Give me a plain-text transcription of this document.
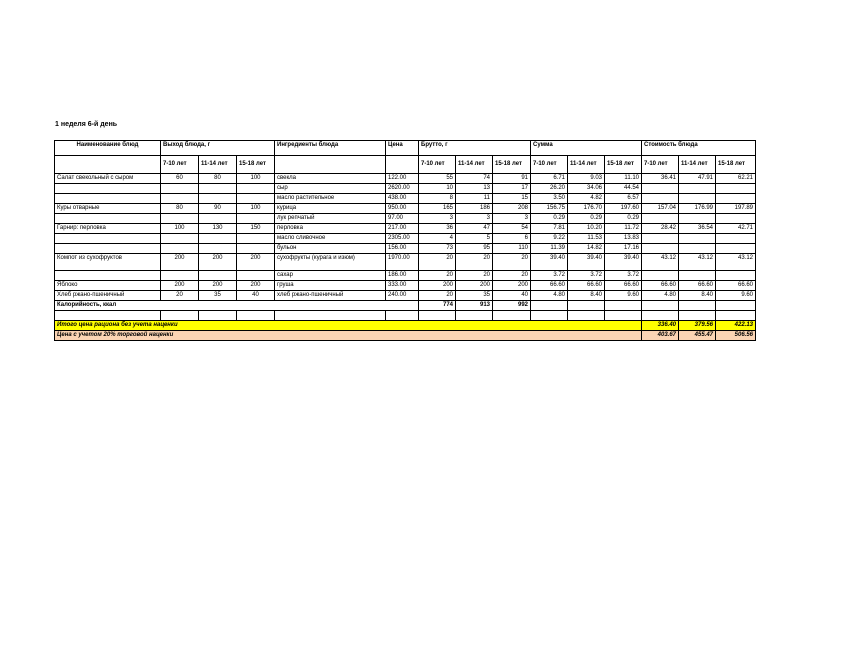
1 неделя 6-й день
Наименование блюд	Выход блюда, г			Ингредиенты блюда	Цена	Брутто, г			Сумма			Стоимость блюда		
	7-10 лет	11-14 лет	15-18 лет			7-10 лет	11-14 лет	15-18 лет	7-10 лет	11-14 лет	15-18 лет	7-10 лет	11-14 лет	15-18 лет
Салат свекольный с сыром	60	80	100	свекла	122.00	55	74	91	6.71	9.03	11.10	36.41	47.91	62.21
				сыр	2620.00	10	13	17	26.20	34.06	44.54			
				масло растительное	438.00	8	11	15	3.50	4.82	6.57			
Куры отварные	80	90	100	курица	950.00	165	186	208	156.75	176.70	197.60	157.04	176.99	197.89
				лук репчатый	97.00	3	3	3	0.29	0.29	0.29			
Гарнир: перловка	100	130	150	перловка	217.00	36	47	54	7.81	10.20	11.72	28.42	36.54	42.71
				масло сливочное	2305.00	4	5	6	9.22	11.53	13.83			
				бульон	156.00	73	95	110	11.39	14.82	17.16			
Компот из сухофруктов	200	200	200	сухофрукты (курага и изюм)	1970.00	20	20	20	39.40	39.40	39.40	43.12	43.12	43.12
				сахар	186.00	20	20	20	3.72	3.72	3.72			
Яблоко	200	200	200	груша	333.00	200	200	200	66.60	66.60	66.60	66.60	66.60	66.60
Хлеб ржано-пшеничный	20	35	40	хлеб ржано-пшеничный	240.00	20	35	40	4.80	8.40	9.60	4.80	8.40	9.60
Калорийность, ккал						774	913	992						

Итого цена рациона без учета наценки												336.40	379.56	422.13
Цена с учетом 20% торговой наценки												403.67	455.47	506.56
